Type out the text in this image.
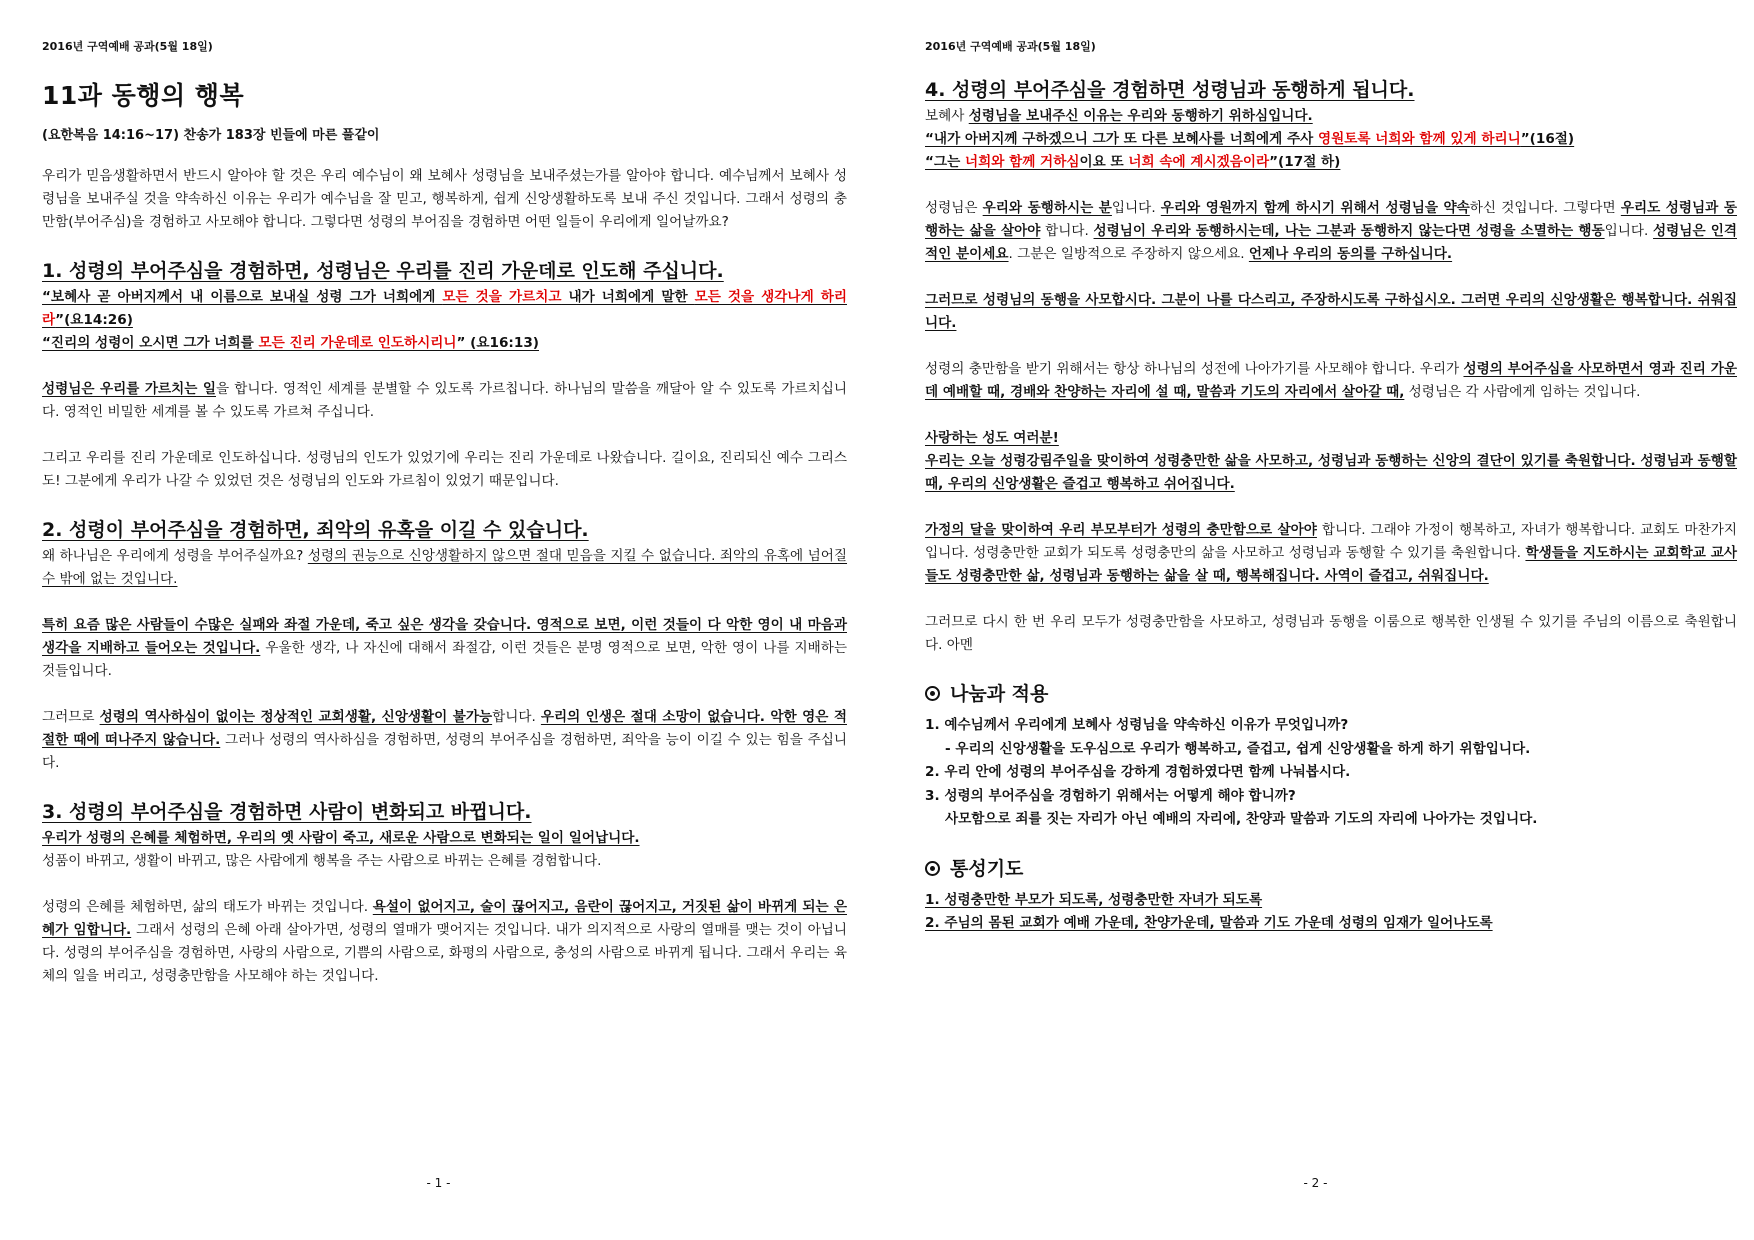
2016년 구역예배 공과(5월 18일)
11과 동행의 행복
(요한복음 14:16~17) 찬송가 183장 빈들에 마른 풀같이

우리가 믿음생활하면서 반드시 알아야 할 것은 우리 예수님이 왜 보혜사 성령님을 보내주셨는가를 알아야 합니다. 예수님께서 보혜사 성령님을 보내주실 것을 약속하신 이유는 우리가 예수님을 잘 믿고, 행복하게, 쉽게 신앙생활하도록 보내 주신 것입니다. 그래서 성령의 충만함(부어주심)을 경험하고 사모해야 합니다. 그렇다면 성령의 부어짐을 경험하면 어떤 일들이 우리에게 일어날까요?

1. 성령의 부어주심을 경험하면, 성령님은 우리를 진리 가운데로 인도해 주십니다.

“보혜사 곧 아버지께서 내 이름으로 보내실 성령 그가 너희에게 모든 것을 가르치고 내가 너희에게 말한 모든 것을 생각나게 하리라”(요14:26)

“진리의 성령이 오시면 그가 너희를 모든 진리 가운데로 인도하시리니” (요16:13)

성령님은 우리를 가르치는 일을 합니다. 영적인 세계를 분별할 수 있도록 가르칩니다. 하나님의 말씀을 깨달아 알 수 있도록 가르치십니다. 영적인 비밀한 세계를 볼 수 있도록 가르쳐 주십니다.

그리고 우리를 진리 가운데로 인도하십니다. 성령님의 인도가 있었기에 우리는 진리 가운데로 나왔습니다. 길이요, 진리되신 예수 그리스도! 그분에게 우리가 나갈 수 있었던 것은 성령님의 인도와 가르침이 있었기 때문입니다.

2. 성령이 부어주심을 경험하면, 죄악의 유혹을 이길 수 있습니다.

왜 하나님은 우리에게 성령을 부어주실까요? 성령의 권능으로 신앙생활하지 않으면 절대 믿음을 지킬 수 없습니다. 죄악의 유혹에 넘어질 수 밖에 없는 것입니다.

특히 요즘 많은 사람들이 수많은 실패와 좌절 가운데, 죽고 싶은 생각을 갖습니다. 영적으로 보면, 이런 것들이 다 악한 영이 내 마음과 생각을 지배하고 들어오는 것입니다. 우울한 생각, 나 자신에 대해서 좌절감, 이런 것들은 분명 영적으로 보면, 악한 영이 나를 지배하는 것들입니다.

그러므로 성령의 역사하심이 없이는 정상적인 교회생활, 신앙생활이 불가능합니다. 우리의 인생은 절대 소망이 없습니다. 악한 영은 적절한 때에 떠나주지 않습니다. 그러나 성령의 역사하심을 경험하면, 성령의 부어주심을 경험하면, 죄악을 능이 이길 수 있는 힘을 주십니다.

3. 성령의 부어주심을 경험하면 사람이 변화되고 바뀝니다.

우리가 성령의 은혜를 체험하면, 우리의 옛 사람이 죽고, 새로운 사람으로 변화되는 일이 일어납니다.

성품이 바뀌고, 생활이 바뀌고, 많은 사람에게 행복을 주는 사람으로 바뀌는 은혜를 경험합니다.

성령의 은혜를 체험하면, 삶의 태도가 바뀌는 것입니다. 욕설이 없어지고, 술이 끊어지고, 음란이 끊어지고, 거짓된 삶이 바뀌게 되는 은혜가 임합니다. 그래서 성령의 은혜 아래 살아가면, 성령의 열매가 맺어지는 것입니다. 내가 의지적으로 사랑의 열매를 맺는 것이 아닙니다. 성령의 부어주심을 경험하면, 사랑의 사람으로, 기쁨의 사람으로, 화평의 사람으로, 충성의 사람으로 바뀌게 됩니다. 그래서 우리는 육체의 일을 버리고, 성령충만함을 사모해야 하는 것입니다.

- 1 -
2016년 구역예배 공과(5월 18일)
4. 성령의 부어주심을 경험하면 성령님과 동행하게 됩니다.

보혜사 성령님을 보내주신 이유는 우리와 동행하기 위하심입니다.

“내가 아버지께 구하겠으니 그가 또 다른 보혜사를 너희에게 주사 영원토록 너희와 함께 있게 하리니”(16절)

“그는 너희와 함께 거하심이요 또 너희 속에 계시겠음이라”(17절 하)

성령님은 우리와 동행하시는 분입니다. 우리와 영원까지 함께 하시기 위해서 성령님을 약속하신 것입니다. 그렇다면 우리도 성령님과 동행하는 삶을 살아야 합니다. 성령님이 우리와 동행하시는데, 나는 그분과 동행하지 않는다면 성령을 소멸하는 행동입니다. 성령님은 인격적인 분이세요. 그분은 일방적으로 주장하지 않으세요. 언제나 우리의 동의를 구하십니다.

그러므로 성령님의 동행을 사모합시다. 그분이 나를 다스리고, 주장하시도록 구하십시오. 그러면 우리의 신앙생활은 행복합니다. 쉬워집니다.

성령의 충만함을 받기 위해서는 항상 하나님의 성전에 나아가기를 사모해야 합니다. 우리가 성령의 부어주심을 사모하면서 영과 진리 가운데 예배할 때, 경배와 찬양하는 자리에 설 때, 말씀과 기도의 자리에서 살아갈 때, 성령님은 각 사람에게 임하는 것입니다.

사랑하는 성도 여러분!

우리는 오늘 성령강림주일을 맞이하여 성령충만한 삶을 사모하고, 성령님과 동행하는 신앙의 결단이 있기를 축원합니다. 성령님과 동행할 때, 우리의 신앙생활은 즐겁고 행복하고 쉬어집니다.

가정의 달을 맞이하여 우리 부모부터가 성령의 충만함으로 살아야 합니다. 그래야 가정이 행복하고, 자녀가 행복합니다. 교회도 마찬가지입니다. 성령충만한 교회가 되도록 성령충만의 삶을 사모하고 성령님과 동행할 수 있기를 축원합니다. 학생들을 지도하시는 교회학교 교사들도 성령충만한 삶, 성령님과 동행하는 삶을 살 때, 행복해집니다. 사역이 즐겁고, 쉬워집니다.

그러므로 다시 한 번 우리 모두가 성령충만함을 사모하고, 성령님과 동행을 이룸으로 행복한 인생될 수 있기를 주님의 이름으로 축원합니다. 아멘

나눔과 적용
1. 예수님께서 우리에게 보혜사 성령님을 약속하신 이유가 무엇입니까?
- 우리의 신앙생활을 도우심으로 우리가 행복하고, 즐겁고, 쉽게 신앙생활을 하게 하기 위함입니다.
2. 우리 안에 성령의 부어주심을 강하게 경험하였다면 함께 나눠봅시다.
3. 성령의 부어주심을 경험하기 위해서는 어떻게 해야 합니까?
사모함으로 죄를 짓는 자리가 아닌 예배의 자리에, 찬양과 말씀과 기도의 자리에 나아가는 것입니다.
통성기도
1. 성령충만한 부모가 되도록, 성령충만한 자녀가 되도록
2. 주님의 몸된 교회가 예배 가운데, 찬양가운데, 말씀과 기도 가운데 성령의 임재가 일어나도록
- 2 -
